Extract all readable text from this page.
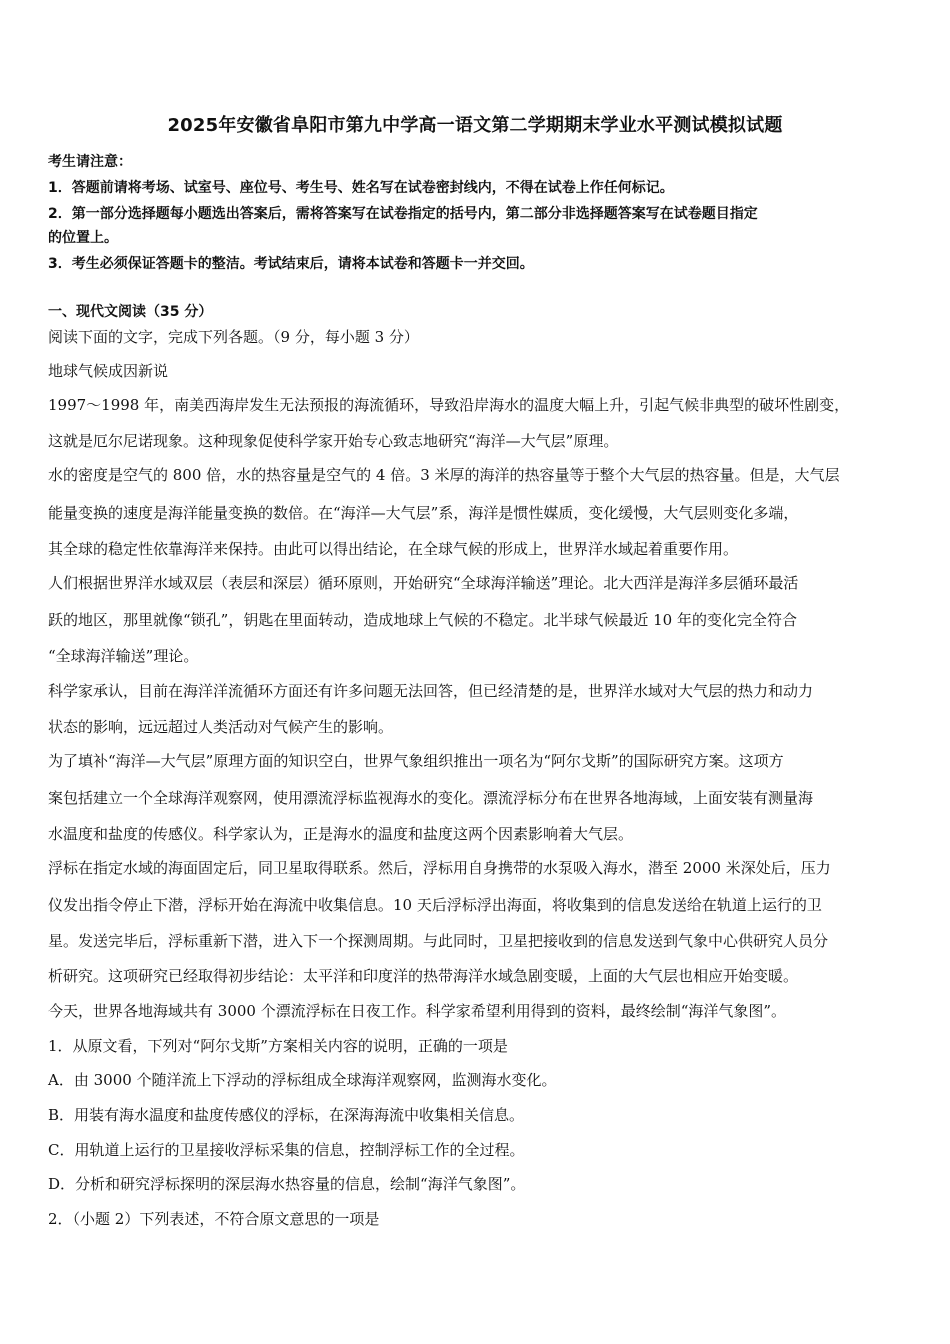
2025年安徽省阜阳市第九中学高一语文第二学期期末学业水平测试模拟试题
考生请注意：
1．答题前请将考场、试室号、座位号、考生号、姓名写在试卷密封线内，不得在试卷上作任何标记。
2．第一部分选择题每小题选出答案后，需将答案写在试卷指定的括号内，第二部分非选择题答案写在试卷题目指定
的位置上。
3．考生必须保证答题卡的整洁。考试结束后，请将本试卷和答题卡一并交回。
一、现代文阅读（35 分）
阅读下面的文字，完成下列各题。（9 分，每小题 3 分）
地球气候成因新说
1997～1998 年，南美西海岸发生无法预报的海流循环，导致沿岸海水的温度大幅上升，引起气候非典型的破坏性剧变，
这就是厄尔尼诺现象。这种现象促使科学家开始专心致志地研究“海洋—大气层”原理。
水的密度是空气的 800 倍，水的热容量是空气的 4 倍。3 米厚的海洋的热容量等于整个大气层的热容量。但是，大气层
能量变换的速度是海洋能量变换的数倍。在“海洋—大气层”系，海洋是惯性媒质，变化缓慢，大气层则变化多端，
其全球的稳定性依靠海洋来保持。由此可以得出结论，在全球气候的形成上，世界洋水域起着重要作用。
人们根据世界洋水域双层（表层和深层）循环原则，开始研究“全球海洋输送”理论。北大西洋是海洋多层循环最活
跃的地区，那里就像“锁孔”，钥匙在里面转动，造成地球上气候的不稳定。北半球气候最近 10 年的变化完全符合
“全球海洋输送”理论。
科学家承认，目前在海洋洋流循环方面还有许多问题无法回答，但已经清楚的是，世界洋水域对大气层的热力和动力
状态的影响，远远超过人类活动对气候产生的影响。
为了填补“海洋—大气层”原理方面的知识空白，世界气象组织推出一项名为“阿尔戈斯”的国际研究方案。这项方
案包括建立一个全球海洋观察网，使用漂流浮标监视海水的变化。漂流浮标分布在世界各地海域，上面安装有测量海
水温度和盐度的传感仪。科学家认为，正是海水的温度和盐度这两个因素影响着大气层。
浮标在指定水域的海面固定后，同卫星取得联系。然后，浮标用自身携带的水泵吸入海水，潜至 2000 米深处后，压力
仪发出指令停止下潜，浮标开始在海流中收集信息。10 天后浮标浮出海面，将收集到的信息发送给在轨道上运行的卫
星。发送完毕后，浮标重新下潜，进入下一个探测周期。与此同时，卫星把接收到的信息发送到气象中心供研究人员分
析研究。这项研究已经取得初步结论：太平洋和印度洋的热带海洋水域急剧变暖，上面的大气层也相应开始变暖。
今天，世界各地海域共有 3000 个漂流浮标在日夜工作。科学家希望利用得到的资料，最终绘制“海洋气象图”。
1．从原文看，下列对“阿尔戈斯”方案相关内容的说明，正确的一项是
A．由 3000 个随洋流上下浮动的浮标组成全球海洋观察网，监测海水变化。
B．用装有海水温度和盐度传感仪的浮标，在深海海流中收集相关信息。
C．用轨道上运行的卫星接收浮标采集的信息，控制浮标工作的全过程。
D．分析和研究浮标探明的深层海水热容量的信息，绘制“海洋气象图”。
2．（小题 2）下列表述，不符合原文意思的一项是
